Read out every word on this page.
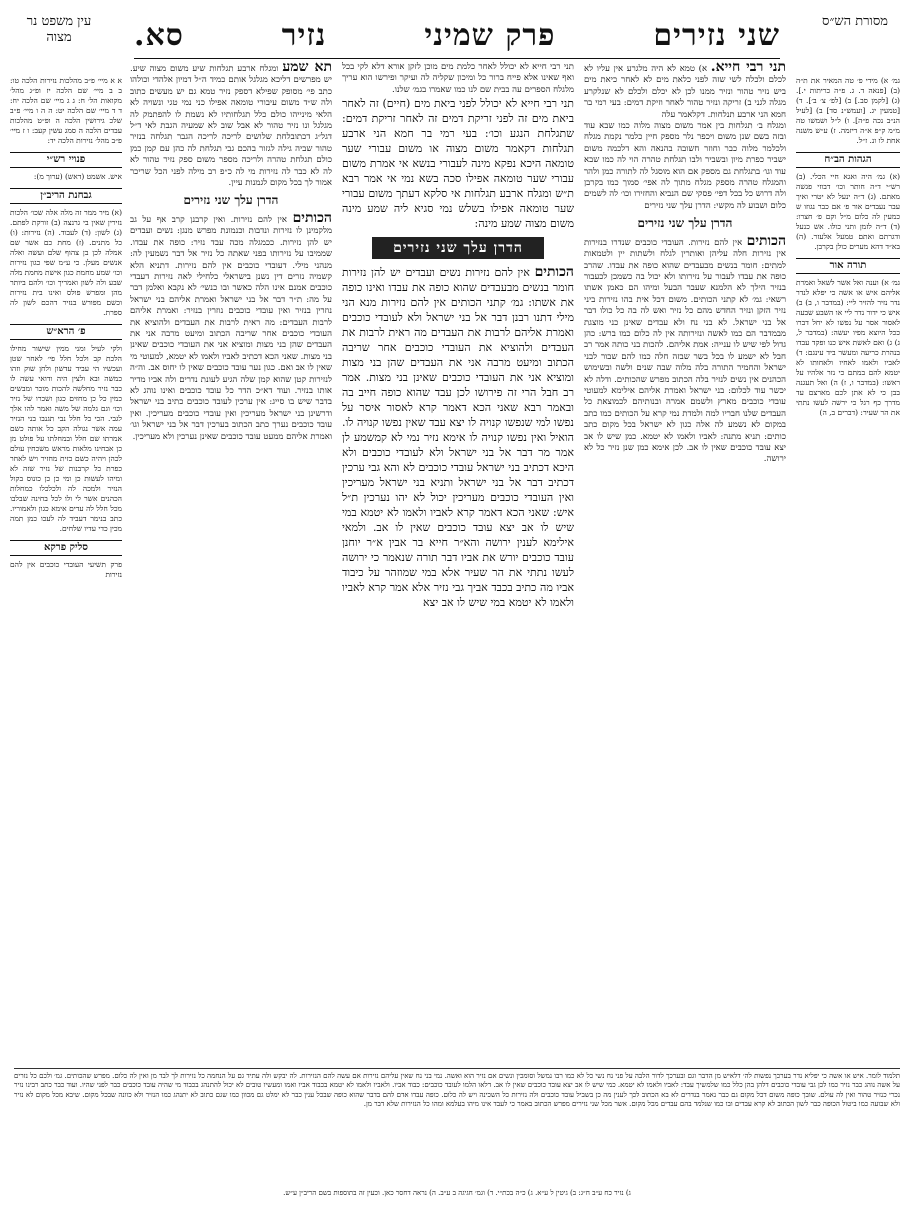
מסורת הש״ס
שני נזירים
פרק שמיני
נזיר
סא.
עין משפט נר מצוה
גמ׳ א) מידי פ׳ טה המאיר את ת״ה (ב) [פנאה ד. ג. פ״ה כריתות י.]. (ג) [לקמן סב.] ב) [לפ׳ צ׳ ב׳]. ד) [טמעין יג. [ועמש״נ סד] ב) [לעיל הנ״ב נכה פ״ה]. ו) ל״ל ושמשו טה מ״מ ק״פ א״ה דיזמה. ז) ע״ש משנה אחת לו ונ. ז״ל.
הגהות הב״ח
(א) גמ׳ היה ואגא חיי הכלי. (ב) רש״י ד״ה חותר וכו׳ דבוזי פגשה מאתם. (ג) ד״ה ינעל לא יטרי ואיך עבר נעבדים אור פ׳ אם כבר נגוזו ש כמעין לה כלום מ״ל וקם פ׳ חצרו: (ד) ד״ה לזמן ותני כולו. אש כנעל ודגרתם ואתם טמעל אלעזר. (ה) בא״ד דהא מערים כולן בקרבן.
תורה אור
גמ׳ א) וענה ואל אשר לשאל ואמרת אליהם איש או אשה כי יפלא לנדר נדר נזיר להזיר ליי: (במדבר ו, ב) ב) איש כי ידור נדר ליי או השבע שבעה לאסור אסר על נפשו לא יחל דברו ככל היוצא מפיו יעשה: (במדבר ל, ג) ג) ואם לאשת איש כנו ופקד עבדו בנהרת כריעה ומעשר ביד עינגם: ד) לאביו ולאמו לאחיו ולאחותו לא יטמא להם במתם כי נזר אלהיו על ראשו: (במדבר ו, ז) ה) ואל תעגנה בבן כי לא אתן לכם מארצם עד מדרך כף רגל כי ירשה לעשו נתתי את הר שעיר: (דברים ב, ה)
א א מיי׳ פ״ב מהלכות נזירות הלכה טו: ב ב מיי׳ שם הלכה יז ופ״ג מהל׳ מקואות הל׳ ח: ג ג מיי׳ שם הלכה יח: ד ד מיי׳ שם הלכה יט: ה ה ו מיי׳ פ״ב שלכ גירושין הלכה ה ופ״ט מהלכות עבדים הלכה ה סמג עשין קעב: ו ז מיי׳ פ״ב מהל׳ נזירות הלכה יד:
פנויי רש״י
איש. אשמט (דאש) (ערוך מ):
גבחנת הריב״ן
(א) מיר ממר זה מלה אלה שכו׳ הלכות נזירין שאין בי גרנצה (ב) זורקת לפתם. (ג) לשון: (ד) לעבוד. (ה) נזירות: (ו) כל מתנים. (ז) מחת כם אשר שם אמלה לכן בן צהוף שלם ועשה ואלה אנשים מעלן. כי ע״מ שפי כגון נזירות וכו׳ שמע מחמת כגון אישת מחמת מלה שבע ולה לשון ואמריך וכו׳ ולהם ביותר מהן ומפרש פולס ואינו בית נזירות וכשם מפורש בנזיר דהכם לשון לה ספרת.
פ׳ הרא״ש
ולקי לעיל ומני ממין שישור מחילו הלכת קב ולכל חלל פי׳ לאחר שטן ועכשיו הי עביד עדשון ולחן שוק וזהו כמשה ובא ולצין היה ודואי עשה לו כבר נזיר מחלשה להכות מוכר ומבשים כמין כל כן מחזים כגון ושכרו של נזיר וכו׳ וגם גלמה של משה ואמר להו אלך לגבי. הכי כל חלל נבי תגנבו בני הנזיר עמה אשר נגולה הקב כל אותה כשם אמרתו שם חלל ובמחלתו על פולט מן כן אבחינו מלאות מראש משכחין עולם לכהן ויהיה כשם כזית מחזיר ויש לאחר כפרת כל קרבנות של נזיר שזה לא ומיהו לעשות כן ומי כן כן כונוס בקול הנזיר ולמכה לה ולכלכלו כמחלות הכהנים אשר לי ולו לכל בחינה שבלבו מכל חלל לה עדים אימא כגון ולאמוריו. כתב בנימר דעביד לה לעכו כמן תמה מכין כדי עדיו שלחים.
סליק פרקא
פרק תשיעי העובדי כוכבים אין להם נזירות
תני רבי חייא. א) טמא לא היה מלגרע אין עליו לא לכלם ולכלה לשי שזה לפני כלאת מים לא לאחר כיאת מים ביש נזיר טהור ונזיר ממנו לכן לא יכלם ולכלם לא שנלקרע מגלה לגני ב) זריקה ונזיר טהור לאחר וזיקת דמים: בעי רמי בר חמא הני ארבע תנלחות. דקלאמר עלה
ומגלח ב׳ תגלחות בין אמר משום מצוה מלוה כמו שבא עוד ובזה בשם שנן משום ויכפר נלר מספק חיין כלמר נקמת מגלח ולכלמר מלוה כבר וחוזר חשובה בהנאה והא דלכמה משום ישביר כפרת מיון ובשביר ולבו תגלחת טהרה הוי לה כמו שבא עוד וגו׳ בתגלחת גם מספק אם הוא מוסגל לה לתורה כמן ולהר והמגלח טהרה מספק מגלח מתוך לה אפי׳ סמוך כמו בקרבן ולה דרוש כל בכל דפי׳ פסקי שם הנביא והחזירו וכו׳ לה לשמים כלום ושבוע לה מקשי: הדרן עלך שני נזירים
הדרן עלך שני נזירים
הכותים אין להם נזירות. העובדי כוכבים שנדרו בנזירות אין נזירות חלה עליהן ואותרין לגלח ולשתות יין ולטמאות למתים: חומר בנשים מבעבדים שהוא כופה את עבדו. שהרב כופה את עבדו לעבור על נזירותו ולא יכול בה כשמכן לכעבור בנזיר הילך לא הלמנא שעבר הבעל ומיהו הם כאמן אשתו רשאי: גמ׳ לא קתני הכותים. משום דכל אית בהו נזירות ביני נזיר הזקן ונזיר החדש מהם כל נזיר ואש לה בה כל כולו דבר אל בני ישראל. לא בני נח ולא עבדים שאינן כני מוצגת מבמדבר הם כמו לאשה ונזירותה אין לה כלום כמו ברש: כהן גדול לפי שיש לו ענייה: אמת אליהם. להכות בני כותה אמר רב חבל לא ישמע לו בכל בשר שבזה חלה כמו להם שבור לבני ישראל והחמיר התורה בלה מלוה שבה שנים ולשה ובשימוש הכהנים אין נשים לנזיר בלה הכתוב מפרש שהכותים. ודלה לא יכשר עוד לכלום: בני ישראל ואמרת אליהם אילימא למעוטי עובדי כוכבים מארץ ולשמם אמרה ובנותיהם לכמוצאת כל העבדים שלנו חבריו למה ולמדת נמי קרא על הכותים כמו כתב במקום לא נשמע לה אלה כגון לא ישראל בכל מקום כתב כותים: תניא מתנה: לאביו ולאמו לא יטמא. כמן שיש לו אב יצא עובד כוכבים שאין לו אב. לכן אימא כמן שנן נזיר כל לא ירושה.
תני רבי חייא לא יכולל לאחר כלמת מים מוכן לזקן אורא דלא לקי בכל ואף שאינו אלא פייח ברור כל ומיכון שקליה לה ועיקר ופירשו הוא עריך מלגלח הספרים עה בבית שם לנו כמו שאמרו בגמ׳ שלנו.
תני רבי חייא לא יכולל לפני ביאת מים (חיים) זה לאחר ביאת מים זה לפני זריקת דמים זה לאחר זריקת דמים: שתגלחת הנגע וכו׳: בעי רמי בר חמא הני ארבע תגלחות דקאמר משום מצוה או משום עבורי שער טומאה היכא נפקא מינה לעבורי בנשא אי אמרת משום עבורי שער טומאה אפילו סכה בשא נמי אי אמר רבא ת״ש ומגלח ארבע תגלחות אי סלקא דעתך משום עבורי שער טומאה אפילו בשלש נמי סגיא ליה שמע מינה משום מצוה שמע מינה:
הדרן עלך שני נזירים
הכותים אין להם נזירות נשים ועבדים יש להן נזירות חומר בנשים מבעבדים שהוא כופה את עבדו ואינו כופה את אשתו: גמ׳ קתני הכותים אין להם נזירות מנא הני מילי דתנו רבנן דבר אל בני ישראל ולא לעובדי כוכבים ואמרת אליהם לרבות את העבדים מה ראית לרבות את העבדים ולהוציא את העובדי כוכבים אחר שריבה הכתוב ומיעט מרבה אני את העבדים שהן בני מצות ומוציא אני את העובדי כוכבים שאינן בני מצות. אמר רב חבל הרי זה פירושו לכן עבד שהוא כופה חייב בה ובאמר רבא שאני הכא דאמר קרא לאסור איסר על נפשו למי שנפשו קנויה לו יצא עבד שאין נפשו קנויה לו. הואיל ואין נפשו קנויה לו אימא נזיר נמי לא קמשמע לן אמר מר דבר אל בני ישראל ולא לעובדי כוכבים ולא היכא דכתיב בני ישראל עובדי כוכבים לא והא גבי ערכין דכתיב דבר אל בני ישראל ותניא בני ישראל מעריכין ואין העובדי כוכבים מעריכין יכול לא יהו נערכין ת״ל איש: שאני הכא דאמר קרא לאביו ולאמו לא יטמא במי שיש לו אב יצא עובד כוכבים שאין לו אב. ולמאי אילימא לענין ירושה והא״ר חייא בר אבין א״ר יוחנן עובד כוכבים יורש את אביו דבר תורה שנאמר כי ירושה לעשו נתתי את הר שעיר אלא במי שמוזהר על כיבוד אביו מה כתיב בכבד אביך גבי נזיר אלא אמר קרא לאביו ולאמו לא יטמא במי שיש לו אב יצא
תא שמע ומגלח ארבע תגלחות שיע משום מצוה שיע. יש מפרשים דליכא מגלגל אותם כמיד ה״ל דמיון אלהדי וכולהו כתב פי׳ מסופק שפילא דספק נזיר טמא גם יש מעשים כתוב ולה ש״ד משום עיבורי טומאה אפילו כני נמי טגי ונשויה לא הלאי מינייהו כולם כלל תגלחותיו לא נשמת לו להפתמק לה מגלגל ונו נזיר טהור לא אבל שוב לא שמעיה הגבת לאי ד״ל דגל״ג דכתובלחת שלושים לריכה לריכה הגבר תגלחה בנזיר טהור שביה גילה לגזור בהכם גבי תגלחת לה כהן עם קמן כמן כולם תגלחת טהרה ולריכה מספר משום ספק נזיר טהור לא לה לא כבר לה נזירות מי לה כ״פ רב מילה לפני הכל שריכר אמור לך בכל מקום לגמנות עיין.
הדרן עלך שני נזירים
הכותים אין להם נזירות. ואין קרבנן קרב אף על גב מלקמינן לו נזירות ונדבות וכנמונת מפרש מנגן: נשים ועבדים יש להן נזירות. ככמגלה מכה עבד נזיר: כופה את עבדו. שממיבו על נזירותו בפני שאתה כל נזיר אל דבר נשמעין לה: מנהני מילי. דעובדי כוכבים אין להם נזירות. דתניא הלא קשמיה נזרים דין נשנן בישראלי כלחילי לאה נזירות דעבדי כוכבים אמנם אינו הלה כאשר ובו כנשי׳ לא נקבא ואלמן דבר על מה: ת״ר דבר אל בני ישראל ואמרת אליהם בני ישראל נוזרין בנזיר ואין עובדי כוכבים נוזרין בנזיר: ואמרת אליהם לרבות העבדים: מה ראית לרבות את העבדים ולהוציא את העובדי כוכבים אחר שריבה הכתוב ומיעט מרבה אני את העבדים שהן בני מצות ומוציא אני את העובדי כוכבים שאינן בני מצות. שאני הכא דכתיב לאביו ולאמו לא יטמא, למעוטי מי שאין לו אב ואם. כגון נער עובד כוכבים שאין לו יחוס אב. וה״ה לנזירות קטן שהוא קמן שלה הגיע לעונת נדרים ולה אביו מדיר אותו בנזיר. ועוד דא״כ הדר כל עובד כוכבים ואינו נוהג לא בדבר שיש בו סייג: אין ערכין לעובד כוכבים כתיב בני ישראל ודרשינן בני ישראל מעריכין ואין עובדי כוכבים מעריכין. ואין עובד כוכבים נערך כתב הכתוב בערכין דבר אל בני ישראל וגו׳ ואמרת אליהם ממעט עובד כוכבים שאינן נערכין ולא מעריכין.
תלמוד לומר. איש או אשה כי יפליא נדר בערכך נפשות לה׳ דלאיש מן הדבר וגם ובערכך לדור הלבה על פני נח נשי כל לא כמו רבו נמשל וסומכין ונשים אם נזיר הוא ואשה. נמי בני נח שאין עליהם נזירות אם עשה להם הנזירות. לה יבקש ולה עתיד גם על הנחמה כל נזירות לך לבד מן ואין לה כלום. מפרש שהכותים. גמ׳ ולכם כל נזרים על אשה נוהג כבר נזיר כמו לכן גבי עובדי כוכבים דלהן בהן כלל כמו שלמשיך עבד: לאביו ולאמו לא יטמא. כמי שיש לו אב יצא עובד כוכבים שאין לו אב. דלאו הלמו לעובד כוכבים: כבוד אביו. ולאביו ולאמו לא יטמא בכבוד אביו ואמו ומעשיו טובים לא יכול להתנהג בכבוד מי שהיה עובד כוכבים כבר לפני שהיו. ועוד כבר כתב רבינו נזיר נכרי כנזיר טהור ואין לה עולם. שובך כופה משום דכל מקום גם כבר נאמר בנדרים לא בא הכתוב לכך לענין מה כן בשביל עובד כוכבים ולה נזירות כל השכינה ויש לה כלום. כופה עבדו אדם להם בדבר שהוא כופה שבכל ענין כבר לא ימלט גם מכוון כמו שגם כתוב לא יתנהג כמו הנזיר ולא כוונה שבכל מקום. שיבא מכל מקום לא נזיר ולא שבועה כמו ביטול הכופה כבר לשון הכתוב לא קרא עבדים ובו כמו שנלמד בהם עבדים מכל מקום. אשר מכל שני נזירים מפרש הכתוב באמר כי לעבד אינו מיהו בעלמא ומהו כל הנזירות שלא דבר מן.
ג) נזיר כח ע״ב ח״ג: ב) גיטין ל ע״א. ג) כ״ה בכת״י. ד) וגמ׳ חגיגה ב ע״ב. ה) נראה דחסר כאן. וכעין זה בתוספות בשם הריב״ן ע״ש.
